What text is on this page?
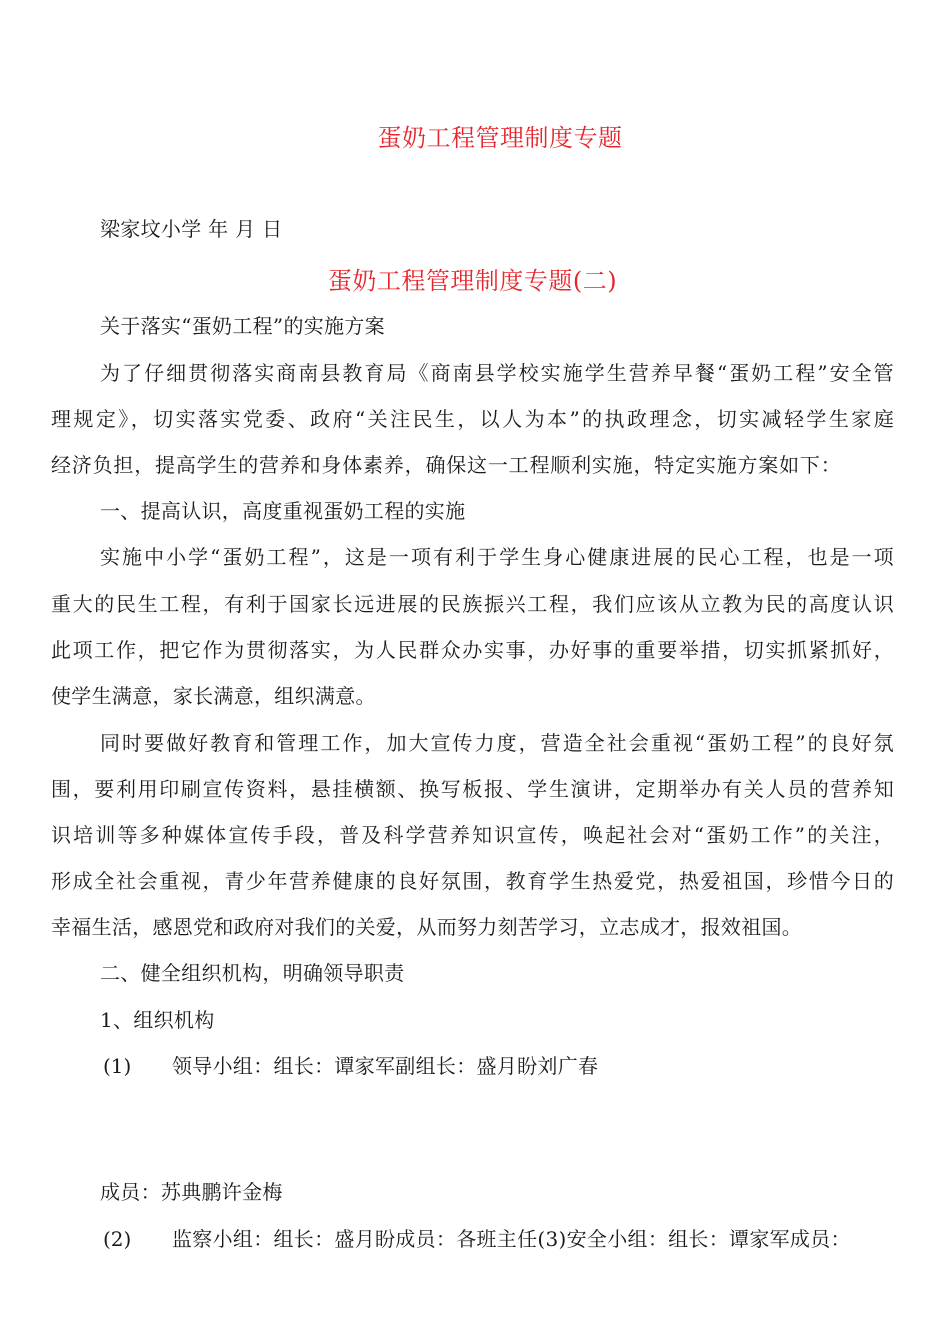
蛋奶工程管理制度专题
梁家坟小学 年 月 日
蛋奶工程管理制度专题(二)
关于落实“蛋奶工程”的实施方案
为了仔细贯彻落实商南县教育局《商南县学校实施学生营养早餐“蛋奶工程”安全管
理规定》，切实落实党委、政府“关注民生，以人为本”的执政理念，切实减轻学生家庭
经济负担，提高学生的营养和身体素养，确保这一工程顺利实施，特定实施方案如下：
一、提高认识，高度重视蛋奶工程的实施
实施中小学“蛋奶工程”，这是一项有利于学生身心健康进展的民心工程，也是一项
重大的民生工程，有利于国家长远进展的民族振兴工程，我们应该从立教为民的高度认识
此项工作，把它作为贯彻落实，为人民群众办实事，办好事的重要举措，切实抓紧抓好，
使学生满意，家长满意，组织满意。
同时要做好教育和管理工作，加大宣传力度，营造全社会重视“蛋奶工程”的良好氛
围，要利用印刷宣传资料，悬挂横额、换写板报、学生演讲，定期举办有关人员的营养知
识培训等多种媒体宣传手段，普及科学营养知识宣传，唤起社会对“蛋奶工作”的关注，
形成全社会重视，青少年营养健康的良好氛围，教育学生热爱党，热爱祖国，珍惜今日的
幸福生活，感恩党和政府对我们的关爱，从而努力刻苦学习，立志成才，报效祖国。
二、健全组织机构，明确领导职责
1、组织机构
(1) 领导小组：组长：谭家军副组长：盛月盼刘广春
成员：苏典鹏许金梅
(2) 监察小组：组长：盛月盼成员：各班主任(3)安全小组：组长：谭家军成员：
